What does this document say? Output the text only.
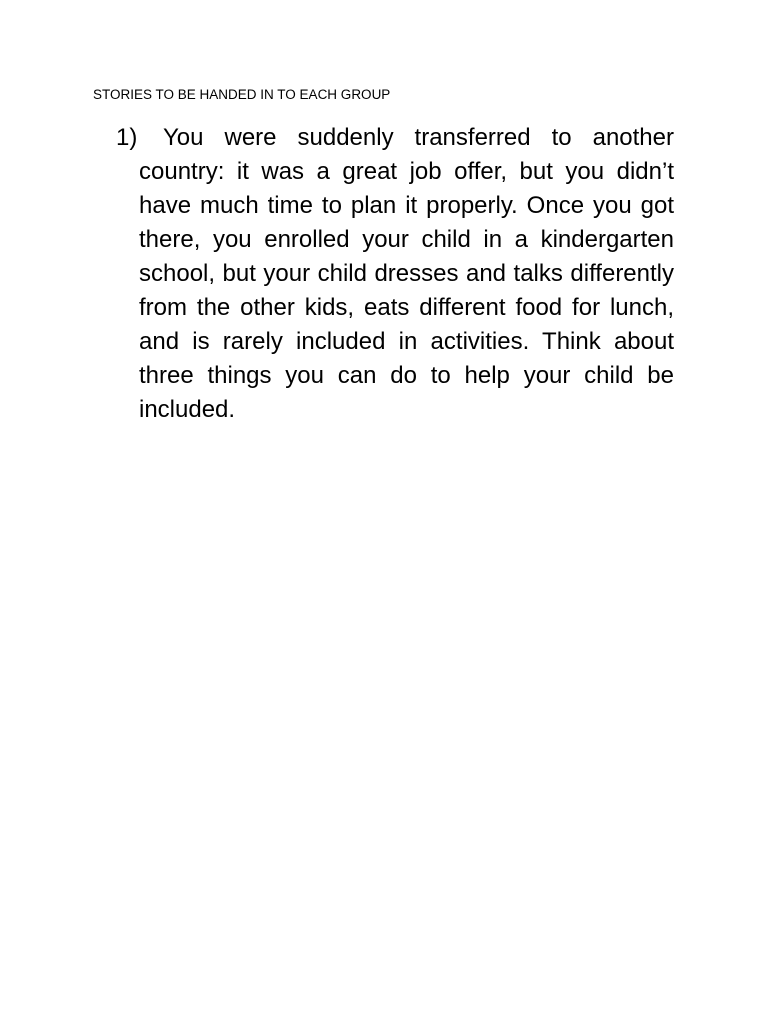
STORIES TO BE HANDED IN TO EACH GROUP

1) You were suddenly transferred to another country: it was a great job offer, but you didn’t have much time to plan it properly. Once you got there, you enrolled your child in a kindergarten school, but your child dresses and talks differently from the other kids, eats different food for lunch, and is rarely included in activities. Think about three things you can do to help your child be included.
